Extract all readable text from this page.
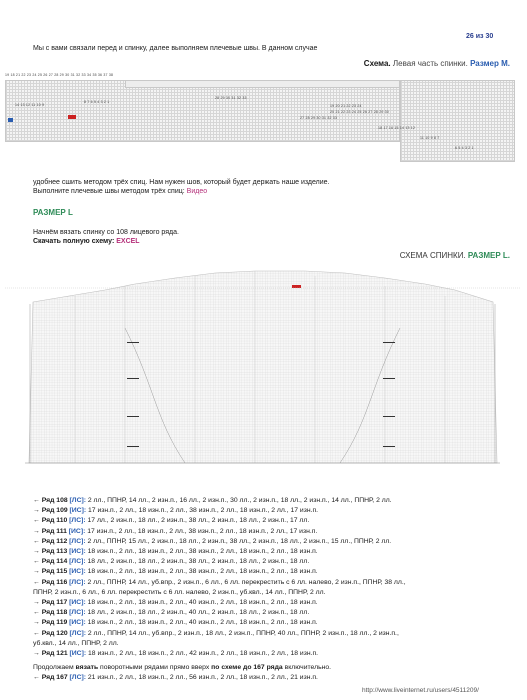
26 из 30
Мы с вами связали перед и спинку, далее выполняем плечевые швы. В данном случае
Схема. Левая часть спинки. Размер М.
19 18 21 22 23 24 25 26 27 28 29 30 31 32 33 34 35 36 37 38
8 7 6 5 4 3 2 1
14 13 12 11 10 9
28 29 30 31 32 33
27 28 29 30 31 32 33
19 20 21 22 23 24
20 21 22 23 24 25 26 27 28 29 30
18 17 16 15 14 13 12
11 10 9 8 7
6 5 4 3 2 1
удобнее сшить методом трёх спиц. Нам нужен шов, который будет держать наше изделие.
Выполните плечевые швы методом трёх спиц: Видео
РАЗМЕР L
Начнём вязать спинку со 108 лицевого ряда.
Скачать полную схему: EXCEL
СХЕМА СПИНКИ. РАЗМЕР L.
← Ряд 108 [ЛС]: 2 лл., ППНР, 14 лл., 2 изн.п., 16 лл., 2 изн.п., 30 лл., 2 изн.п., 18 лл., 2 изн.п., 14 лл., ППНР, 2 лл.
→ Ряд 109 [ИС]: 17 изн.п., 2 лл., 18 изн.п., 2 лл., 38 изн.п., 2 лл., 18 изн.п., 2 лл., 17 изн.п.
← Ряд 110 [ЛС]: 17 лл., 2 изн.п., 18 лл., 2 изн.п., 38 лл., 2 изн.п., 18 лл., 2 изн.п., 17 лл.
→ Ряд 111 [ИС]: 17 изн.п., 2 лл., 18 изн.п., 2 лл., 38 изн.п., 2 лл., 18 изн.п., 2 лл., 17 изн.п.
← Ряд 112 [ЛС]: 2 лл., ППНР, 15 лл., 2 изн.п., 18 лл., 2 изн.п., 38 лл., 2 изн.п., 18 лл., 2 изн.п., 15 лл., ППНР, 2 лл.
→ Ряд 113 [ИС]: 18 изн.п., 2 лл., 18 изн.п., 2 лл., 38 изн.п., 2 лл., 18 изн.п., 2 лл., 18 изн.п.
← Ряд 114 [ЛС]: 18 лл., 2 изн.п., 18 лл., 2 изн.п., 38 лл., 2 изн.п., 18 лл., 2 изн.п., 18 лл.
→ Ряд 115 [ИС]: 18 изн.п., 2 лл., 18 изн.п., 2 лл., 38 изн.п., 2 лл., 18 изн.п., 2 лл., 18 изн.п.
← Ряд 116 [ЛС]: 2 лл., ППНР, 14 лл., уб.впр., 2 изн.п., 6 лл., 6 лл. перекрестить с 6 лл. налево, 2 изн.п., ППНР, 38 лл.,
ППНР, 2 изн.п., 6 лл., 6 лл. перекрестить с 6 лл. налево, 2 изн.п., уб.квл., 14 лл., ППНР, 2 лл.
→ Ряд 117 [ИС]: 18 изн.п., 2 лл., 18 изн.п., 2 лл., 40 изн.п., 2 лл., 18 изн.п., 2 лл., 18 изн.п.
← Ряд 118 [ЛС]: 18 лл., 2 изн.п., 18 лл., 2 изн.п., 40 лл., 2 изн.п., 18 лл., 2 изн.п., 18 лл.
→ Ряд 119 [ИС]: 18 изн.п., 2 лл., 18 изн.п., 2 лл., 40 изн.п., 2 лл., 18 изн.п., 2 лл., 18 изн.п.
← Ряд 120 [ЛС]: 2 лл., ППНР, 14 лл., уб.впр., 2 изн.п., 18 лл., 2 изн.п., ППНР, 40 лл., ППНР, 2 изн.п., 18 лл., 2 изн.п.,
уб.квл., 14 лл., ППНР, 2 лл.
→ Ряд 121 [ИС]: 18 изн.п., 2 лл., 18 изн.п., 2 лл., 42 изн.п., 2 лл., 18 изн.п., 2 лл., 18 изн.п.
Продолжаем вязать поворотными рядами прямо вверх по схеме до 167 ряда включительно.
← Ряд 167 [ЛС]: 21 изн.п., 2 лл., 18 изн.п., 2 лл., 56 изн.п., 2 лл., 18 изн.п., 2 лл., 21 изн.п.
http://www.liveinternet.ru/users/4511209/
